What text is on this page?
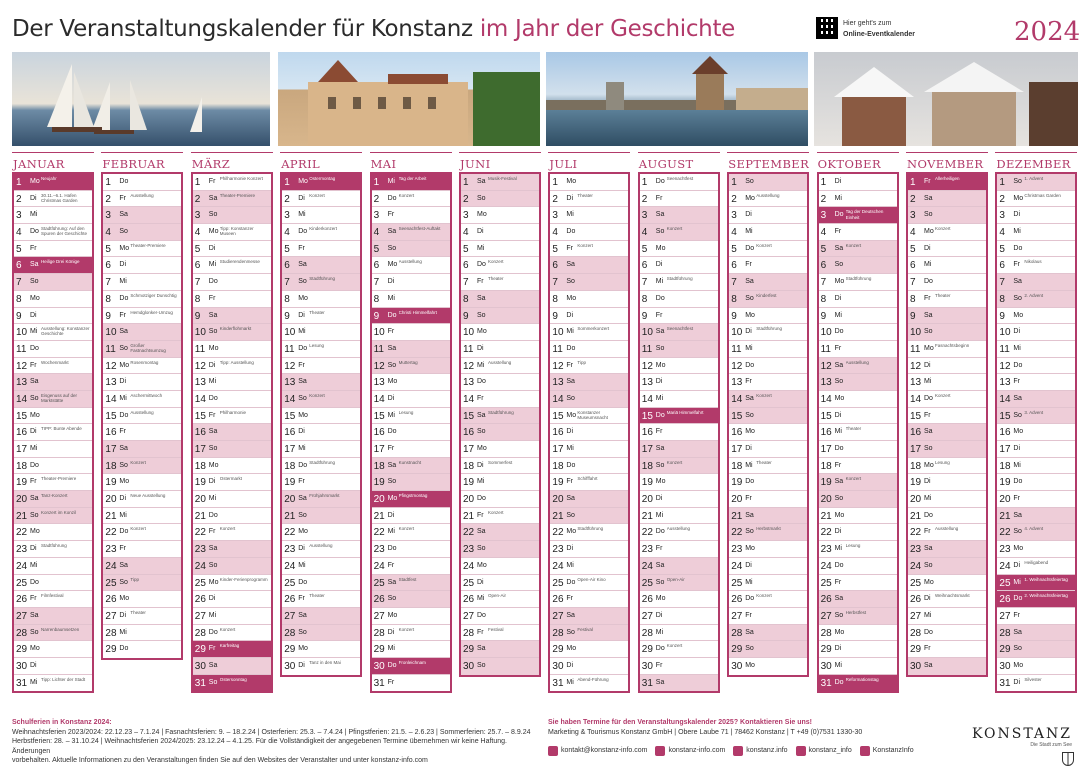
Der Veranstaltungskalender für Konstanz im Jahr der Geschichte	Hier geht's zum
Online-Eventkalender	2024
JANUAR
1	Mo Neujahr
2	Di 30.11.–6.1. Hafen Christmas Garden
3	Mi
4	Do Stadtführung: Auf den Spuren der Geschichte
5	Fr
6	Sa Heilige Drei Könige
7	So
8	Mo
9	Di
10 Mi Ausstellung: Konstanzer Geschichte
11 Do
12 Fr Wochenmarkt
13 Sa
14 So Eisgenuss auf der Marktstätte
15 Mo
16 Di TIPP: Bunte Abende
17 Mi
18 Do
19 Fr Theater-Premiere
20 Sa Tanz-Konzert
21 So Konzert im Konzil
22 Mo
23 Di Stadtführung
24 Mi
25 Do
26 Fr Filmfestival
27 Sa
28 So Narrenbaumsetzen
29 Mo
30 Di
31 Mi Tipp: Lichter der Stadt
FEBRUAR
1	Do
2	Fr Ausstellung
3	Sa
4	So
5	Mo Theater-Premiere
6	Di
7	Mi
8	Do Schmotziger Dunschtig
9	Fr Hemdglonker-Umzug
10 Sa
11 So Großer Fastnachtsumzug
12 Mo Rosenmontag
13 Di
14 Mi Aschermittwoch
15 Do Ausstellung
16 Fr
17 Sa
18 So Konzert
19 Mo
20 Di Neue Ausstellung
21 Mi
22 Do Konzert
23 Fr
24 Sa
25 So Tipp
26 Mo
27 Di Theater
28 Mi
29 Do
MÄRZ
1	Fr Philharmonie Konzert
2	Sa Theater-Premiere
3	So
4	Mo Tipp: Konstanzer Museen
5	Di
6	Mi Studierendenmesse
7	Do
8	Fr
9	Sa
10 So Kinderflohmarkt
11 Mo
12 Di Tipp: Ausstellung
13 Mi
14 Do
15 Fr Philharmonie
16 Sa
17 So
18 Mo
19 Di Ostermarkt
20 Mi
21 Do
22 Fr Konzert
23 Sa
24 So
25 Mo Kinder-Ferienprogramm
26 Di
27 Mi
28 Do Konzert
29 Fr Karfreitag
30 Sa
31 So Ostersonntag
APRIL
1	Mo Ostermontag
2	Di Konzert
3	Mi
4	Do Kinderkonzert
5	Fr
6	Sa
7	So Stadtführung
8	Mo
9	Di Theater
10 Mi
11 Do Lesung
12 Fr
13 Sa
14 So Konzert
15 Mo
16 Di
17 Mi
18 Do Stadtführung
19 Fr
20 Sa Frühjahrsmarkt
21 So
22 Mo
23 Di Ausstellung
24 Mi
25 Do
26 Fr Theater
27 Sa
28 So
29 Mo
30 Di Tanz in den Mai
MAI
1	Mi Tag der Arbeit
2	Do Konzert
3	Fr
4	Sa Seenachtfest-Auftakt
5	So
6	Mo Ausstellung
7	Di
8	Mi
9	Do Christi Himmelfahrt
10 Fr
11 Sa
12 So Muttertag
13 Mo
14 Di
15 Mi Lesung
16 Do
17 Fr
18 Sa Kunstnacht
19 So
20 Mo Pfingstmontag
21 Di
22 Mi Konzert
23 Do
24 Fr
25 Sa Stadtfest
26 So
27 Mo
28 Di Konzert
29 Mi
30 Do Fronleichnam
31 Fr
JUNI
1	Sa Musik-Festival
2	So
3	Mo
4	Di
5	Mi
6	Do Konzert
7	Fr Theater
8	Sa
9	So
10 Mo
11 Di
12 Mi Ausstellung
13 Do
14 Fr
15 Sa Stadtführung
16 So
17 Mo
18 Di Sommerfest
19 Mi
20 Do
21 Fr Konzert
22 Sa
23 So
24 Mo
25 Di
26 Mi Open-Air
27 Do
28 Fr Festival
29 Sa
30 So
JULI
1	Mo
2	Di Theater
3	Mi
4	Do
5	Fr Konzert
6	Sa
7	So
8	Mo
9	Di
10 Mi Sommerkonzert
11 Do
12 Fr Tipp
13 Sa
14 So
15 Mo Konstanzer Museumsnacht
16 Di
17 Mi
18 Do
19 Fr Schifffahrt
20 Sa
21 So
22 Mo Stadtführung
23 Di
24 Mi
25 Do Open-Air Kino
26 Fr
27 Sa
28 So Festival
29 Mo
30 Di
31 Mi Abend-Führung
AUGUST
1	Do Seenachtfest
2	Fr
3	Sa
4	So Konzert
5	Mo
6	Di
7	Mi Stadtführung
8	Do
9	Fr
10 Sa Seenachtfest
11 So
12 Mo
13 Di
14 Mi
15 Do Mariä Himmelfahrt
16 Fr
17 Sa
18 So Konzert
19 Mo
20 Di
21 Mi
22 Do Ausstellung
23 Fr
24 Sa
25 So Open-Air
26 Mo
27 Di
28 Mi
29 Do Konzert
30 Fr
31 Sa
SEPTEMBER
1	So
2	Mo Ausstellung
3	Di
4	Mi
5	Do Konzert
6	Fr
7	Sa
8	So Kinderfest
9	Mo
10 Di Stadtführung
11 Mi
12 Do
13 Fr
14 Sa Konzert
15 So
16 Mo
17 Di
18 Mi Theater
19 Do
20 Fr
21 Sa
22 So Herbstmarkt
23 Mo
24 Di
25 Mi
26 Do Konzert
27 Fr
28 Sa
29 So
30 Mo
OKTOBER
1	Di
2	Mi
3	Do Tag der Deutschen Einheit
4	Fr
5	Sa Konzert
6	So
7	Mo Stadtführung
8	Di
9	Mi
10 Do
11 Fr
12 Sa Ausstellung
13 So
14 Mo
15 Di
16 Mi Theater
17 Do
18 Fr
19 Sa Konzert
20 So
21 Mo
22 Di
23 Mi Lesung
24 Do
25 Fr
26 Sa
27 So Herbstfest
28 Mo
29 Di
30 Mi
31 Do Reformationstag
NOVEMBER
1	Fr Allerheiligen
2	Sa
3	So
4	Mo Konzert
5	Di
6	Mi
7	Do
8	Fr Theater
9	Sa
10 So
11 Mo Fasnachtsbeginn
12 Di
13 Mi
14 Do Konzert
15 Fr
16 Sa
17 So
18 Mo Lesung
19 Di
20 Mi
21 Do
22 Fr Ausstellung
23 Sa
24 So
25 Mo
26 Di Weihnachtsmarkt
27 Mi
28 Do
29 Fr
30 Sa
DEZEMBER
1	So 1. Advent
2	Mo Christmas Garden
3	Di
4	Mi
5	Do
6	Fr Nikolaus
7	Sa
8	So 2. Advent
9	Mo
10 Di
11 Mi
12 Do
13 Fr
14 Sa
15 So 3. Advent
16 Mo
17 Di
18 Mi
19 Do
20 Fr
21 Sa
22 So 4. Advent
23 Mo
24 Di Heiligabend
25 Mi 1. Weihnachtsfeiertag
26 Do 2. Weihnachtsfeiertag
27 Fr
28 Sa
29 So
30 Mo
31 Di Silvester
Schulferien in Konstanz 2024:
Weihnachtsferien 2023/2024: 22.12.23 – 7.1.24 | Fasnachtsferien: 9. – 18.2.24 | Osterferien: 25.3. – 7.4.24 | Pfingstferien: 21.5. – 2.6.23 | Sommerferien: 25.7. – 8.9.24
Herbstferien: 28. – 31.10.24 | Weihnachtsferien 2024/2025: 23.12.24 – 4.1.25. Für die Vollständigkeit der angegebenen Termine übernehmen wir keine Haftung. Änderungen
vorbehalten. Aktuelle Informationen zu den Veranstaltungen finden Sie auf den Websites der Veranstalter und unter konstanz-info.com
Sie haben Termine für den Veranstaltungskalender 2025? Kontaktieren Sie uns!
Marketing & Tourismus Konstanz GmbH | Obere Laube 71 | 78462 Konstanz | T +49 (0)7531 1330-30
kontakt@konstanz-info.com	konstanz-info.com	konstanz.info	konstanz_info	KonstanzInfo
KONSTANZ
Die Stadt zum See
